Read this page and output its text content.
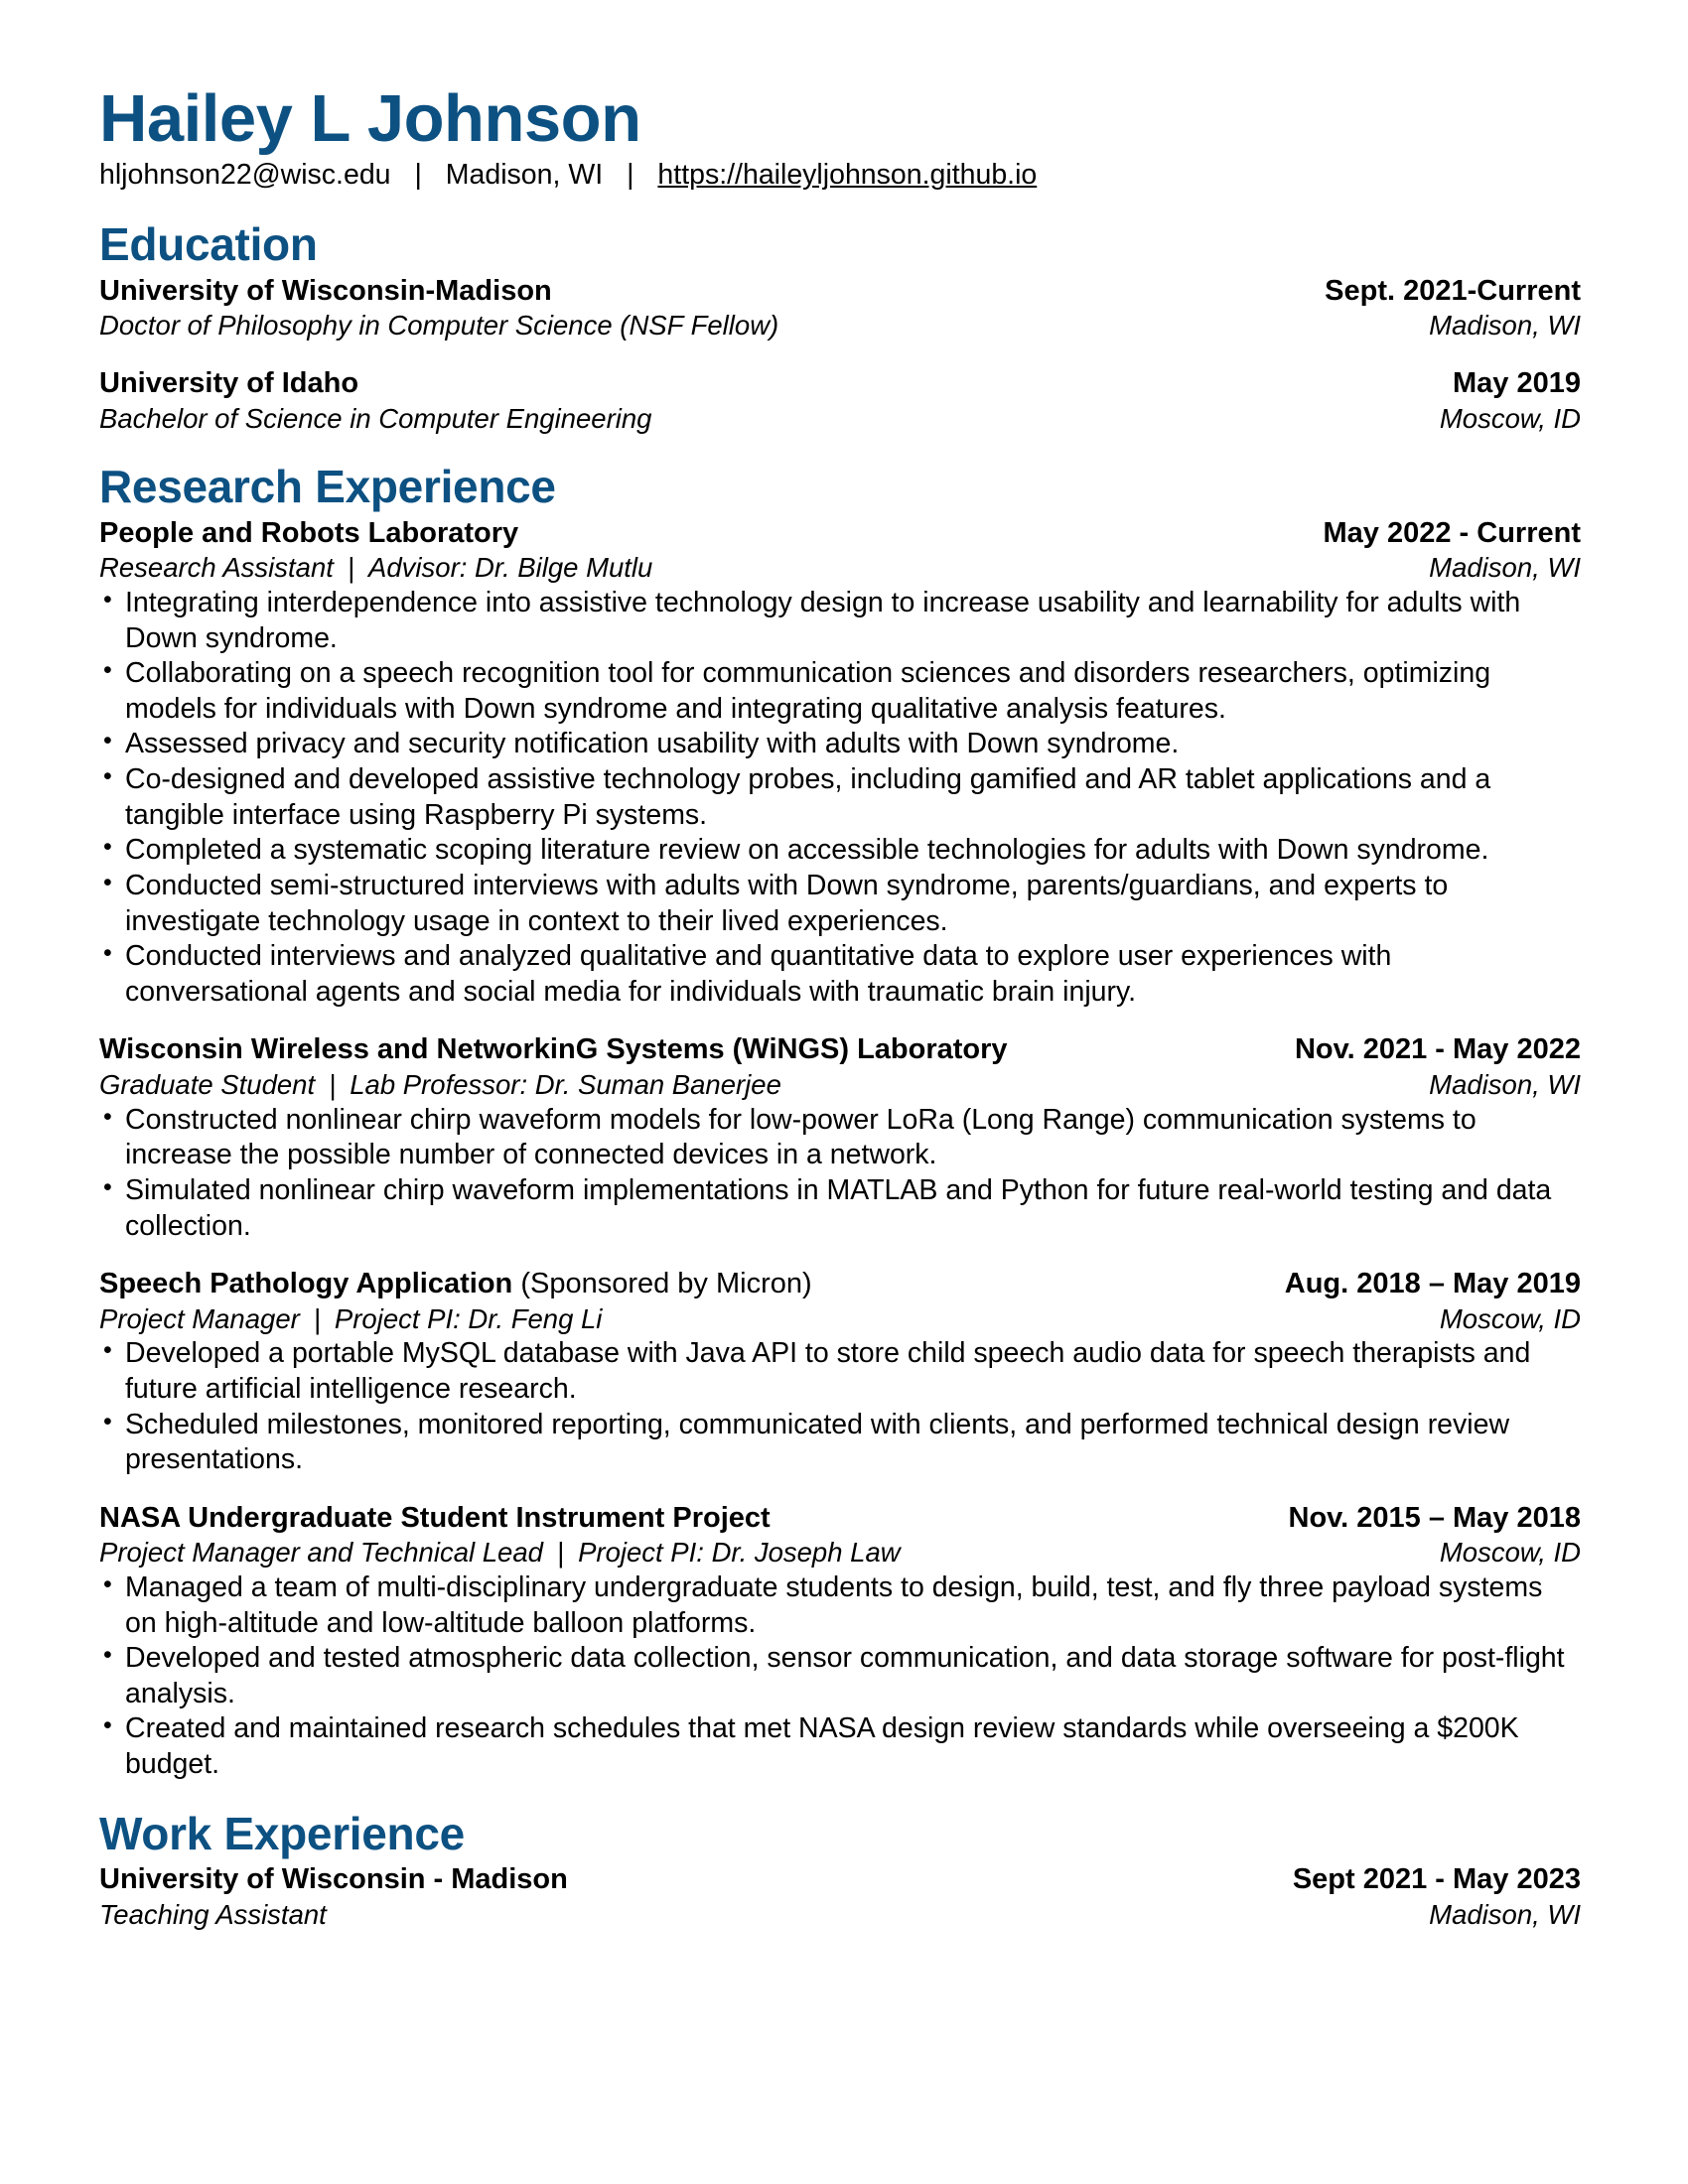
Hailey L Johnson
hljohnson22@wisc.edu | Madison, WI | https://haileyljohnson.github.io
Education
University of Wisconsin-Madison	Sept. 2021-Current
Doctor of Philosophy in Computer Science (NSF Fellow)	Madison, WI
University of Idaho	May 2019
Bachelor of Science in Computer Engineering	Moscow, ID
Research Experience
People and Robots Laboratory	May 2022 - Current
Research Assistant | Advisor: Dr. Bilge Mutlu	Madison, WI
• Integrating interdependence into assistive technology design to increase usability and learnability for adults with Down syndrome.
• Collaborating on a speech recognition tool for communication sciences and disorders researchers, optimizing models for individuals with Down syndrome and integrating qualitative analysis features.
• Assessed privacy and security notification usability with adults with Down syndrome.
• Co-designed and developed assistive technology probes, including gamified and AR tablet applications and a tangible interface using Raspberry Pi systems.
• Completed a systematic scoping literature review on accessible technologies for adults with Down syndrome.
• Conducted semi-structured interviews with adults with Down syndrome, parents/guardians, and experts to investigate technology usage in context to their lived experiences.
• Conducted interviews and analyzed qualitative and quantitative data to explore user experiences with conversational agents and social media for individuals with traumatic brain injury.
Wisconsin Wireless and NetworkinG Systems (WiNGS) Laboratory	Nov. 2021 - May 2022
Graduate Student | Lab Professor: Dr. Suman Banerjee	Madison, WI
• Constructed nonlinear chirp waveform models for low-power LoRa (Long Range) communication systems to increase the possible number of connected devices in a network.
• Simulated nonlinear chirp waveform implementations in MATLAB and Python for future real-world testing and data collection.
Speech Pathology Application (Sponsored by Micron)	Aug. 2018 – May 2019
Project Manager | Project PI: Dr. Feng Li	Moscow, ID
• Developed a portable MySQL database with Java API to store child speech audio data for speech therapists and future artificial intelligence research.
• Scheduled milestones, monitored reporting, communicated with clients, and performed technical design review presentations.
NASA Undergraduate Student Instrument Project	Nov. 2015 – May 2018
Project Manager and Technical Lead | Project PI: Dr. Joseph Law	Moscow, ID
• Managed a team of multi-disciplinary undergraduate students to design, build, test, and fly three payload systems on high-altitude and low-altitude balloon platforms.
• Developed and tested atmospheric data collection, sensor communication, and data storage software for post-flight analysis.
• Created and maintained research schedules that met NASA design review standards while overseeing a $200K budget.
Work Experience
University of Wisconsin - Madison	Sept 2021 - May 2023
Teaching Assistant	Madison, WI
